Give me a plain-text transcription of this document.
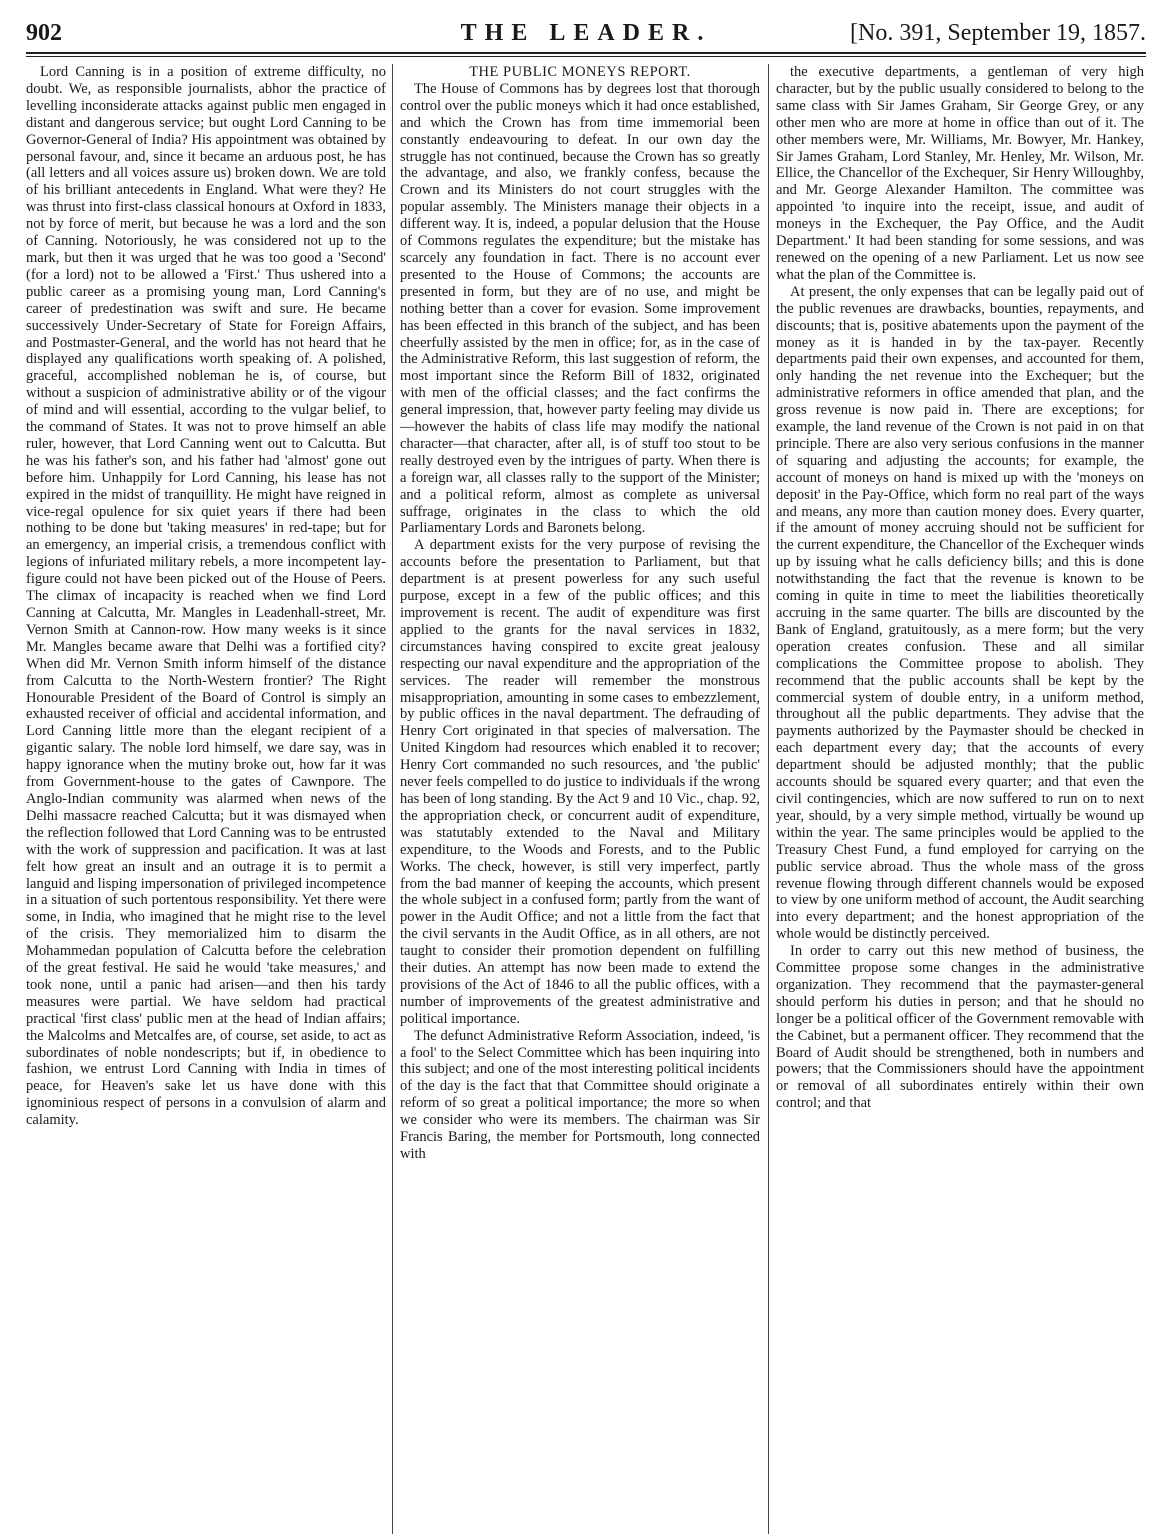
902	THE LEADER.	[No. 391, September 19, 1857.

Lord Canning is in a position of extreme difficulty, no doubt. We, as responsible journalists, abhor the practice of levelling inconsiderate attacks against public men engaged in distant and dangerous service; but ought Lord Canning to be Governor-General of India? His appointment was obtained by personal favour, and, since it became an arduous post, he has (all letters and all voices assure us) broken down. We are told of his brilliant antecedents in England. What were they? He was thrust into first-class classical honours at Oxford in 1833, not by force of merit, but because he was a lord and the son of Canning. Notoriously, he was considered not up to the mark, but then it was urged that he was too good a 'Second' (for a lord) not to be allowed a 'First.' Thus ushered into a public career as a promising young man, Lord Canning's career of predestination was swift and sure. He became successively Under-Secretary of State for Foreign Affairs, and Postmaster-General, and the world has not heard that he displayed any qualifications worth speaking of. A polished, graceful, accomplished nobleman he is, of course, but without a suspicion of administrative ability or of the vigour of mind and will essential, according to the vulgar belief, to the command of States. It was not to prove himself an able ruler, however, that Lord Canning went out to Calcutta. But he was his father's son, and his father had 'almost' gone out before him. Unhappily for Lord Canning, his lease has not expired in the midst of tranquillity. He might have reigned in vice-regal opulence for six quiet years if there had been nothing to be done but 'taking measures' in red-tape; but for an emergency, an imperial crisis, a tremendous conflict with legions of infuriated military rebels, a more incompetent lay-figure could not have been picked out of the House of Peers. The climax of incapacity is reached when we find Lord Canning at Calcutta, Mr. Mangles in Leadenhall-street, Mr. Vernon Smith at Cannon-row. How many weeks is it since Mr. Mangles became aware that Delhi was a fortified city? When did Mr. Vernon Smith inform himself of the distance from Calcutta to the North-Western frontier? The Right Honourable President of the Board of Control is simply an exhausted receiver of official and accidental information, and Lord Canning little more than the elegant recipient of a gigantic salary. The noble lord himself, we dare say, was in happy ignorance when the mutiny broke out, how far it was from Government-house to the gates of Cawnpore. The Anglo-Indian community was alarmed when news of the Delhi massacre reached Calcutta; but it was dismayed when the reflection followed that Lord Canning was to be entrusted with the work of suppression and pacification. It was at last felt how great an insult and an outrage it is to permit a languid and lisping impersonation of privileged incompetence in a situation of such portentous responsibility. Yet there were some, in India, who imagined that he might rise to the level of the crisis. They memorialized him to disarm the Mohammedan population of Calcutta before the celebration of the great festival. He said he would 'take measures,' and took none, until a panic had arisen—and then his tardy measures were partial. We have seldom had practical practical 'first class' public men at the head of Indian affairs; the Malcolms and Metcalfes are, of course, set aside, to act as subordinates of noble nondescripts; but if, in obedience to fashion, we entrust Lord Canning with India in times of peace, for Heaven's sake let us have done with this ignominious respect of persons in a convulsion of alarm and calamity.

THE PUBLIC MONEYS REPORT.

The House of Commons has by degrees lost that thorough control over the public moneys which it had once established, and which the Crown has from time immemorial been constantly endeavouring to defeat. In our own day the struggle has not continued, because the Crown has so greatly the advantage, and also, we frankly confess, because the Crown and its Ministers do not court struggles with the popular assembly. The Ministers manage their objects in a different way. It is, indeed, a popular delusion that the House of Commons regulates the expenditure; but the mistake has scarcely any foundation in fact. There is no account ever presented to the House of Commons; the accounts are presented in form, but they are of no use, and might be nothing better than a cover for evasion. Some improvement has been effected in this branch of the subject, and has been cheerfully assisted by the men in office; for, as in the case of the Administrative Reform, this last suggestion of reform, the most important since the Reform Bill of 1832, originated with men of the official classes; and the fact confirms the general impression, that, however party feeling may divide us—however the habits of class life may modify the national character—that character, after all, is of stuff too stout to be really destroyed even by the intrigues of party. When there is a foreign war, all classes rally to the support of the Minister; and a political reform, almost as complete as universal suffrage, originates in the class to which the old Parliamentary Lords and Baronets belong.

A department exists for the very purpose of revising the accounts before the presentation to Parliament, but that department is at present powerless for any such useful purpose, except in a few of the public offices; and this improvement is recent. The audit of expenditure was first applied to the grants for the naval services in 1832, circumstances having conspired to excite great jealousy respecting our naval expenditure and the appropriation of the services. The reader will remember the monstrous misappropriation, amounting in some cases to embezzlement, by public offices in the naval department. The defrauding of Henry Cort originated in that species of malversation. The United Kingdom had resources which enabled it to recover; Henry Cort commanded no such resources, and 'the public' never feels compelled to do justice to individuals if the wrong has been of long standing. By the Act 9 and 10 Vic., chap. 92, the appropriation check, or concurrent audit of expenditure, was statutably extended to the Naval and Military expenditure, to the Woods and Forests, and to the Public Works. The check, however, is still very imperfect, partly from the bad manner of keeping the accounts, which present the whole subject in a confused form; partly from the want of power in the Audit Office; and not a little from the fact that the civil servants in the Audit Office, as in all others, are not taught to consider their promotion dependent on fulfilling their duties. An attempt has now been made to extend the provisions of the Act of 1846 to all the public offices, with a number of improvements of the greatest administrative and political importance.

The defunct Administrative Reform Association, indeed, 'is a fool' to the Select Committee which has been inquiring into this subject; and one of the most interesting political incidents of the day is the fact that that Committee should originate a reform of so great a political importance; the more so when we consider who were its members. The chairman was Sir Francis Baring, the member for Portsmouth, long connected with

the executive departments, a gentleman of very high character, but by the public usually considered to belong to the same class with Sir James Graham, Sir George Grey, or any other men who are more at home in office than out of it. The other members were, Mr. Williams, Mr. Bowyer, Mr. Hankey, Sir James Graham, Lord Stanley, Mr. Henley, Mr. Wilson, Mr. Ellice, the Chancellor of the Exchequer, Sir Henry Willoughby, and Mr. George Alexander Hamilton. The committee was appointed 'to inquire into the receipt, issue, and audit of moneys in the Exchequer, the Pay Office, and the Audit Department.' It had been standing for some sessions, and was renewed on the opening of a new Parliament. Let us now see what the plan of the Committee is.

At present, the only expenses that can be legally paid out of the public revenues are drawbacks, bounties, repayments, and discounts; that is, positive abatements upon the payment of the money as it is handed in by the tax-payer. Recently departments paid their own expenses, and accounted for them, only handing the net revenue into the Exchequer; but the administrative reformers in office amended that plan, and the gross revenue is now paid in. There are exceptions; for example, the land revenue of the Crown is not paid in on that principle. There are also very serious confusions in the manner of squaring and adjusting the accounts; for example, the account of moneys on hand is mixed up with the 'moneys on deposit' in the Pay-Office, which form no real part of the ways and means, any more than caution money does. Every quarter, if the amount of money accruing should not be sufficient for the current expenditure, the Chancellor of the Exchequer winds up by issuing what he calls deficiency bills; and this is done notwithstanding the fact that the revenue is known to be coming in quite in time to meet the liabilities theoretically accruing in the same quarter. The bills are discounted by the Bank of England, gratuitously, as a mere form; but the very operation creates confusion. These and all similar complications the Committee propose to abolish. They recommend that the public accounts shall be kept by the commercial system of double entry, in a uniform method, throughout all the public departments. They advise that the payments authorized by the Paymaster should be checked in each department every day; that the accounts of every department should be adjusted monthly; that the public accounts should be squared every quarter; and that even the civil contingencies, which are now suffered to run on to next year, should, by a very simple method, virtually be wound up within the year. The same principles would be applied to the Treasury Chest Fund, a fund employed for carrying on the public service abroad. Thus the whole mass of the gross revenue flowing through different channels would be exposed to view by one uniform method of account, the Audit searching into every department; and the honest appropriation of the whole would be distinctly perceived.

In order to carry out this new method of business, the Committee propose some changes in the administrative organization. They recommend that the paymaster-general should perform his duties in person; and that he should no longer be a political officer of the Government removable with the Cabinet, but a permanent officer. They recommend that the Board of Audit should be strengthened, both in numbers and powers; that the Commissioners should have the appointment or removal of all subordinates entirely within their own control; and that
